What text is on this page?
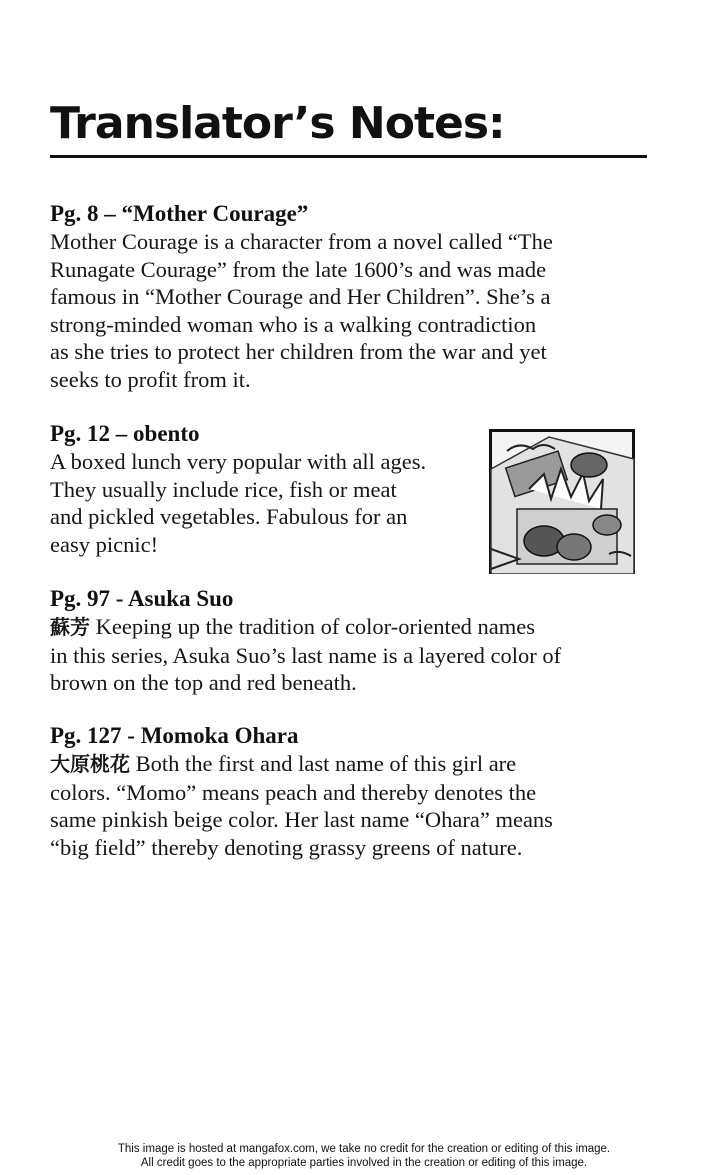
Translator’s Notes:
Pg. 8 – “Mother Courage”

Mother Courage is a character from a novel called “The

Runagate Courage” from the late 1600’s and was made

famous in “Mother Courage and Her Children”. She’s a

strong-minded woman who is a walking contradiction

as she tries to protect her children from the war and yet

seeks to profit from it.

Pg. 12 – obento

A boxed lunch very popular with all ages.

They usually include rice, fish or meat

and pickled vegetables. Fabulous for an

easy picnic!

Pg. 97 - Asuka Suo

蘇芳 Keeping up the tradition of color-oriented names

in this series, Asuka Suo’s last name is a layered color of

brown on the top and red beneath.

Pg. 127 - Momoka Ohara

大原桃花 Both the first and last name of this girl are

colors. “Momo” means peach and thereby denotes the

same pinkish beige color. Her last name “Ohara” means

“big field” thereby denoting grassy greens of nature.

This image is hosted at mangafox.com, we take no credit for the creation or editing of this image.
All credit goes to the appropriate parties involved in the creation or editing of this image.
